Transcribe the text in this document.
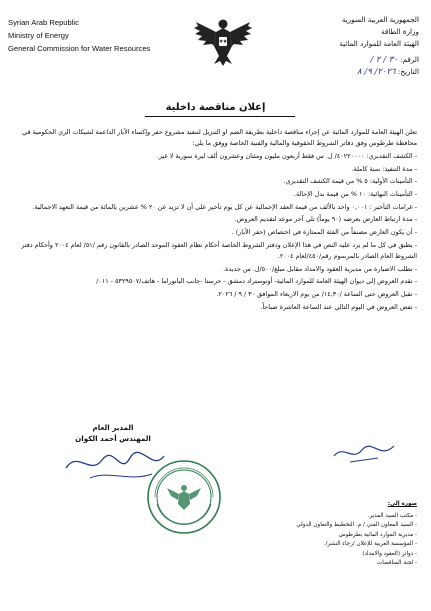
Syrian Arab Republic
Ministry of Energy
General Commission for Water Resources
الجمهورية العربية السورية
وزارة الطاقة
الهيئة العامة للموارد المائية
الرقم: ٣٠ / ٢ /
التاريخ: ٢٠٢٦/ ٩/ ٨
إعلان مناقصة داخلية

تعلن الهيئة العامة للموارد المائية عن إجراء مناقصة داخلية بطريقة الضم او التنزيل لتنفيذ مشروع حفر وإكساء الآبار الداعمة لشبكات الري الحكومية في محافظة طرطوس وفق دفاتر الشروط الحقوقية والمالية والفنية الخاصة ووفق ما يلي:

- الكشف التقديري: ٤٠٢٢٠٠٠٠/ ل. س فقط أربعون مليون ومئتان وعشرون ألف ليرة سورية لا غير.

- مدة التنفيذ: سنة كاملة.

- التأمينات الأولية: ٥ % من قيمة الكشف التقديري.

- التأمينات النهائية: ١٠ % من قيمة بدل الإحالة.

- غرامات التأخير : ٠,٠٠١ واحد بالألف من قيمة العقد الإجمالية عن كل يوم تأخير على أن لا تزيد عن ٢٠ % عشرين بالمائة من قيمة التعهد الاجمالية.

- مدة ارتباط العارض بعرضه (٩٠ يوماً) تلي آخر موعد لتقديم العروض.

- أن يكون العارض مصنفاً من الفئة الممتازة في اختصاص (حفر الآبار) .

- يطبق في كل ما لم يرد عليه النص في هذا الإعلان ودفتر الشروط الخاصة أحكام نظام العقود الموحد الصادر بالقانون رقم /٥١/ لعام ٢٠٠٤ وأحكام دفتر الشروط العام الصادر بالمرسوم رقم/٤٥٠/لعام ٢٠٠٤.

- تطلب الاضبارة من مديرية العقود والامداد مقابل مبلغ/٥٠٠/ل. س جديدة.

- تقدم العروض إلى ديوان الهيئة العامة للموارد المائية- أوتوستراد دمشق - حرستا -جانب البانوراما - هاتف/٥٣٢٩٥٠٧ - ٠١١/

- تقبل العروض حتى الساعة /١٤,٣٠/ من يوم الاربعاء الموافق ٣٠ / ٩ / ٢٠٢٦.

- تفض العروض في اليوم التالي عند الساعة العاشرة صباحاً.

المدير العام
المهندس أحمد الكوان
صورة إلى:
- مكتب السيد المدير.
- السيد المعاون الفني / م. التخطيط والتعاون الدولي
- مديرية الموارد المائية بطرطوس
- المؤسسة العربية للإعلان /رجاء النشر/.
- دوائر (العقود والامداد)
- لجنة المناقصات
